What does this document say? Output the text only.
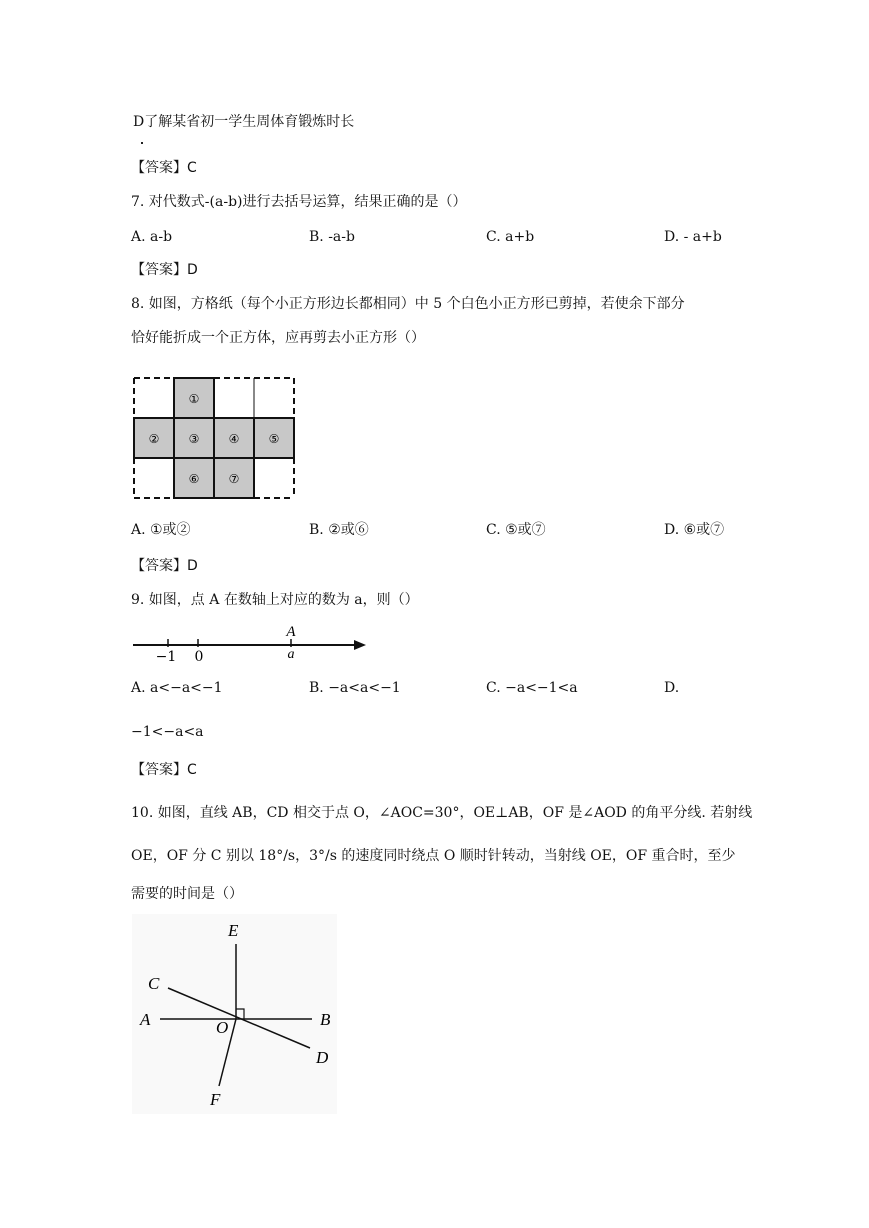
D了解某省初一学生周体育锻炼时长
【答案】C
7. 对代数式-(a-b)进行去括号运算，结果正确的是（）
A. a-b	B. -a-b	C. a+b	D. - a+b
【答案】D
8. 如图，方格纸（每个小正方形边长都相同）中 5 个白色小正方形已剪掉，若使余下部分
恰好能折成一个正方体，应再剪去小正方形（）
①
② ③ ④ ⑤
⑥ ⑦
A. ①或②	B. ②或⑥	C. ⑤或⑦	D. ⑥或⑦
【答案】D
9. 如图，点 A 在数轴上对应的数为 a，则（）
A
a
−1 0
A. a<−a<−1	B. −a<a<−1	C. −a<−1<a	D.
−1<−a<a
【答案】C
10. 如图，直线 AB，CD 相交于点 O，∠AOC=30°，OE⊥AB，OF 是∠AOD 的角平分线. 若射线
OE，OF 分 C 别以 18°/s，3°/s 的速度同时绕点 O 顺时针转动，当射线 OE，OF 重合时，至少
需要的时间是（）
E
C
A	O	B
D
F
